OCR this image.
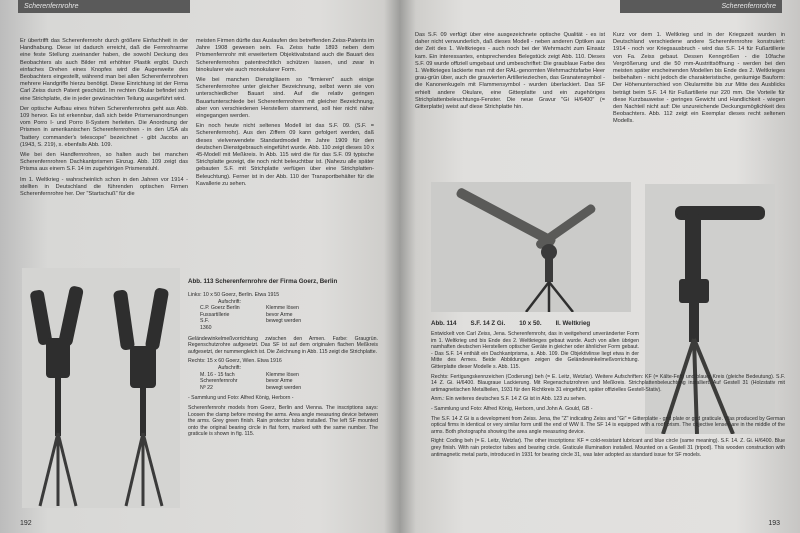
Scherenfernrohre

Er übertrifft das Scherenfernrohr durch größere Einfachheit in der Handhabung. Diese ist dadurch erreicht, daß die Fernrohrarme eine feste Stellung zueinander haben, die sowohl Deckung des Beobachters als auch Bilder mit erhöhter Plastik ergibt. Durch einfaches Drehen eines Knopfes wird die Augenweite des Beobachters eingestellt, während man bei allen Scherenfernrohren mehrere Handgriffe hierzu benötigt. Diese Einrichtung ist der Firma Carl Zeiss durch Patent geschützt. Im rechten Okular befindet sich eine Strichplatte, die in jeder gewünschten Teilung ausgeführt wird.

Der optische Aufbau eines frühen Scherenfernrohrs geht aus Abb. 109 hervor. Es ist erkennbar, daß sich beide Prismenanordnungen vom Porro I- und Porro II-System herleiten. Die Anordnung der Prismen in amerikanischen Scherenfernrohren - in den USA als "battery commander's telescope" bezeichnet - gibt Jacobs an (1943, S. 219), s. ebenfalls Abb. 109.

Wie bei den Handfernrohren, so halten auch bei manchen Scherenfernrohren Dachkantprismen Einzug. Abb. 109 zeigt das Prisma aus einem S.F. 14 im zugehörigen Prismenstuhl.

Im 1. Weltkrieg - wahrscheinlich schon in den Jahren vor 1914 - stellten in Deutschland die führenden optischen Firmen Scherenfernrohre her. Der "Startschuß" für die

meisten Firmen dürfte das Auslaufen des betreffenden Zeiss-Patents im Jahre 1908 gewesen sein. Fa. Zeiss hatte 1893 neben dem Prismenfernrohr mit erweitertem Objektivabstand auch die Bauart des Scherenfernrohrs patentrechtlich schützen lassen, und zwar in binokularer wie auch monokularer Form.

Wie bei manchen Dienstgläsern so "firmieren" auch einige Scherenfernrohre unter gleicher Bezeichnung, selbst wenn sie von unterschiedlicher Bauart sind. Auf die relativ geringen Bauartunterschiede bei Scherenfernrohren mit gleicher Bezeichnung, aber von verschiedenen Herstellern stammend, soll hier nicht näher eingegangen werden.

Ein noch heute nicht seltenes Modell ist das S.F. 09. (S.F. = Scherenfernrohr). Aus den Ziffern 09 kann gefolgert werden, daß dieses vielverwendete Standardmodell im Jahre 1909 für den deutschen Dienstgebrauch eingeführt wurde. Abb. 110 zeigt dieses 10 x 45-Modell mit Meßkreis. In Abb. 115 wird die für das S.F. 09 typische Strichplatte gezeigt, die noch nicht beleuchtbar ist. (Nahezu alle später gebauten S.F. mit Strichplatte verfügen über eine Strichplatten-Beleuchtung). Ferner ist in der Abb. 110 der Transportbehälter für die Kavallerie zu sehen.

Abb. 113 Scherenfernrohre der Firma Goerz, Berlin
Links: 10 x 50 Goerz, Berlin. Etwa 1915
Aufschrift:
C.P. Goerz Berlin	Klemme lösen
Fussartillerie	bevor Arme
S.F.	bewegt werden
1360

Geländewinkelmeßvorrichtung zwischen den Armen. Farbe: Graugrün. Regenschutzrohre aufgesetzt. Das SF ist auf dem originalen flachen Meßkreis aufgesetzt, der nummengleich ist. Die Zeichnung in Abb. 115 zeigt die Strichplatte.

Rechts: 15 x 60 Goerz, Wien. Etwa 1916
Aufschrift:
M. 16 - 15 fach	Klemme lösen
Scherenfernrohr	bevor Arme
Nº 22	bewegt werden

- Sammlung und Foto: Alfred König, Herborn -

Scherenfernrohr models from Goerz, Berlin and Vienna. The inscriptions says: Loosen the clamp before moving the arms. Area angle measuring device between the arms. Grey green finish. Rain protector tubes installed. The left SF mounted onto the original bearing circle in flat form, marked with the same number. The graticule is shown in fig. 115.

192
Scherenfernrohre

Das S.F. 09 verfügt über eine ausgezeichnete optische Qualität - es ist daher nicht verwunderlich, daß dieses Modell - neben anderen Optiken aus der Zeit des 1. Weltkrieges - auch noch bei der Wehrmacht zum Einsatz kam. Ein interessantes, entsprechendes Belegstück zeigt Abb. 110. Dieses S.F. 09 wurde offiziell umgebaut und umbeschriftet: Die graublaue Farbe des 1. Weltkrieges lackierte man mit der RAL-genormten Wehrmachtsfarbe Heer grau-grün über, auch die grauvierten Artillerieziechen, das Granatensymbol - die Kanonenkugeln mit Flammensymbol - wurden überlackiert. Das SF erhielt andere Okulare, eine Gitterplatte und ein zugehöriges Strichplattenbeleuchtungs-Fenster. Die neue Gravur "Gi H/6400" (= Gitterplatte) weist auf diese Strichplatte hin.

Kurz vor dem 1. Weltkrieg und in der Kriegszeit wurden in Deutschland verschiedene andere Scherenfernrohre konstruiert: 1914 - noch vor Kriegsausbruch - wird das S.F. 14 für Fußartillerie von Fa. Zeiss gebaut. Dessen Kenngrößen - die 10fache Vergrößerung und die 50 mm-Austrittsöffnung - werden bei den meisten später erscheinenden Modellen bis Ende des 2. Weltkrieges beibehalten - nicht jedoch die charakteristische, geräumige Bauform: Der Höhenunterschied von Okularmitte bis zur Mitte des Ausblicks beträgt beim S.F. 14 für Fußartillerie nur 220 mm. Die Vorteile für diese Kurzbauweise - geringes Gewicht und Handlichkeit - wiegen den Nachteil nicht auf: Die unzureichende Deckungsmöglichkeit des Beobachters. Abb. 112 zeigt ein Exemplar dieses recht seltenen Modells.

Abb. 114 S.F. 14 Z Gi. 10 x 50. II. Weltkrieg

Entwickelt von Carl Zeiss, Jena. Scherenfernrohr, das in weitgehend unveränderter Form im 1. Weltkrieg und bis Ende des 2. Weltkrieges gebaut wurde. Auch von allen übrigen namhaften deutschen Herstellern optischer Geräte in gleicher oder ähnlicher Form gebaut. - Das S.F. 14 enthält ein Dachkantprisma, s. Abb. 109. Die Objektivlinse liegt etwa in der Mitte des Armes. Beide Abbildungen zeigen die Geländewinkelmeßvorrichtung. Gitterplatte dieser Modelle s. Abb. 115.

Rechts: Fertigungskennzeichen (Codierung) beh (= E. Leitz, Wetzlar). Weitere Aufschriften: KF (= Kälte-Fett) und blauer Kreis (gleiche Bedeutung). S.F. 14 Z. Gi. H/6400. Blaugraue Lackierung. Mit Regenschutzrohren und Meßkreis. Strichplattenbeleuchtung installiert. Auf Gestell 31 (Holzstativ mit artimagnetischen Metallteilen, 1931 für den Richtkreis 31 eingeführt, später offizielles Gestell-Stativ).

Anm.: Ein weiteres deutsches S.F. 14 Z Gi ist in Abb. 123 zu sehen.

- Sammlung und Foto: Alfred König, Herborn, und John A. Gould, GB -

The S.F. 14 Z Gi is a development from Zeiss. Jena, the "Z" indicating Zeiss and "Gi" = Gitterplatte - grid plate or grid graticule. Was produced by German optical firms in identical or very similar form until the end of WW II. The SF 14 is equipped with a roof prism. The objective lenses are in the middle of the arms. Both photographs showing the area angle measuring device.

Right: Coding beh (= E. Leitz, Wetzlar). The other inscriptions: KF = cold-resistant lubricant and blue circle (same meaning). S.F. 14. Z. Gi. H/6400. Blue grey finish. With rain protector tubes and bearing circle. Graticule illumination installed. Mounted on a Gestell 31 (tripod). This wooden construction with antimagnetic metal parts, introduced in 1931 for bearing circle 31, was later adopted as standard issue for SF models.

193
